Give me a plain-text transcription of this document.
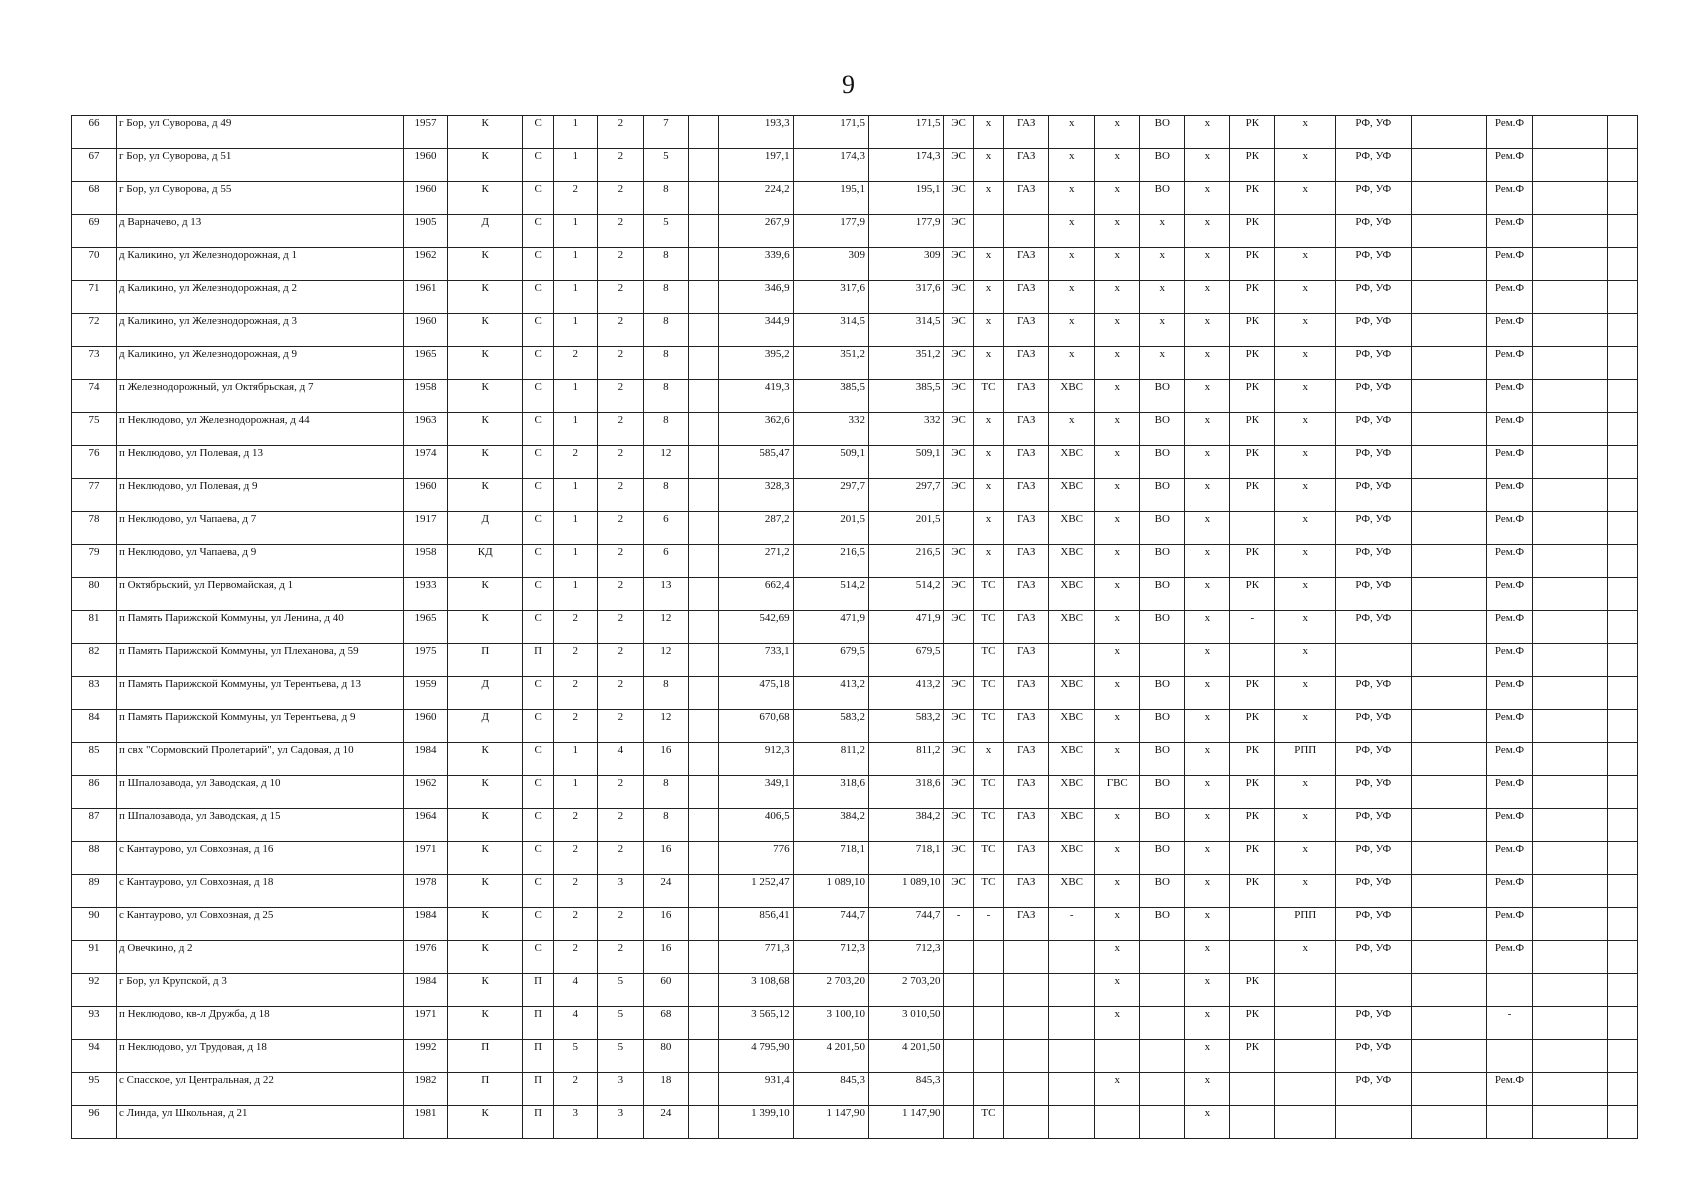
9
66	г Бор, ул Суворова, д 49	1957	К	С	1	2	7		193,3	171,5	171,5	ЭС	х	ГАЗ	х	х	ВО	х	РК	х	РФ, УФ		Рем.Ф		
67	г Бор, ул Суворова, д 51	1960	К	С	1	2	5		197,1	174,3	174,3	ЭС	х	ГАЗ	х	х	ВО	х	РК	х	РФ, УФ		Рем.Ф		
68	г Бор, ул Суворова, д 55	1960	К	С	2	2	8		224,2	195,1	195,1	ЭС	х	ГАЗ	х	х	ВО	х	РК	х	РФ, УФ		Рем.Ф		
69	д Варначево, д 13	1905	Д	С	1	2	5		267,9	177,9	177,9	ЭС			х	х	х	х	РК		РФ, УФ		Рем.Ф		
70	д Каликино, ул Железнодорожная, д 1	1962	К	С	1	2	8		339,6	309	309	ЭС	х	ГАЗ	х	х	х	х	РК	х	РФ, УФ		Рем.Ф		
71	д Каликино, ул Железнодорожная, д 2	1961	К	С	1	2	8		346,9	317,6	317,6	ЭС	х	ГАЗ	х	х	х	х	РК	х	РФ, УФ		Рем.Ф		
72	д Каликино, ул Железнодорожная, д 3	1960	К	С	1	2	8		344,9	314,5	314,5	ЭС	х	ГАЗ	х	х	х	х	РК	х	РФ, УФ		Рем.Ф		
73	д Каликино, ул Железнодорожная, д 9	1965	К	С	2	2	8		395,2	351,2	351,2	ЭС	х	ГАЗ	х	х	х	х	РК	х	РФ, УФ		Рем.Ф		
74	п Железнодорожный, ул Октябрьская, д 7	1958	К	С	1	2	8		419,3	385,5	385,5	ЭС	ТС	ГАЗ	ХВС	х	ВО	х	РК	х	РФ, УФ		Рем.Ф		
75	п Неклюдово, ул Железнодорожная, д 44	1963	К	С	1	2	8		362,6	332	332	ЭС	х	ГАЗ	х	х	ВО	х	РК	х	РФ, УФ		Рем.Ф		
76	п Неклюдово, ул Полевая, д 13	1974	К	С	2	2	12		585,47	509,1	509,1	ЭС	х	ГАЗ	ХВС	х	ВО	х	РК	х	РФ, УФ		Рем.Ф		
77	п Неклюдово, ул Полевая, д 9	1960	К	С	1	2	8		328,3	297,7	297,7	ЭС	х	ГАЗ	ХВС	х	ВО	х	РК	х	РФ, УФ		Рем.Ф		
78	п Неклюдово, ул Чапаева, д 7	1917	Д	С	1	2	6		287,2	201,5	201,5		х	ГАЗ	ХВС	х	ВО	х		х	РФ, УФ		Рем.Ф		
79	п Неклюдово, ул Чапаева, д 9	1958	КД	С	1	2	6		271,2	216,5	216,5	ЭС	х	ГАЗ	ХВС	х	ВО	х	РК	х	РФ, УФ		Рем.Ф		
80	п Октябрьский, ул Первомайская, д 1	1933	К	С	1	2	13		662,4	514,2	514,2	ЭС	ТС	ГАЗ	ХВС	х	ВО	х	РК	х	РФ, УФ		Рем.Ф		
81	п Память Парижской Коммуны, ул Ленина, д 40	1965	К	С	2	2	12		542,69	471,9	471,9	ЭС	ТС	ГАЗ	ХВС	х	ВО	х	-	х	РФ, УФ		Рем.Ф		
82	п Память Парижской Коммуны, ул Плеханова, д 59	1975	П	П	2	2	12		733,1	679,5	679,5		ТС	ГАЗ		х		х		х			Рем.Ф		
83	п Память Парижской Коммуны, ул Терентьева, д 13	1959	Д	С	2	2	8		475,18	413,2	413,2	ЭС	ТС	ГАЗ	ХВС	х	ВО	х	РК	х	РФ, УФ		Рем.Ф		
84	п Память Парижской Коммуны, ул Терентьева, д 9	1960	Д	С	2	2	12		670,68	583,2	583,2	ЭС	ТС	ГАЗ	ХВС	х	ВО	х	РК	х	РФ, УФ		Рем.Ф		
85	п свх "Сормовский Пролетарий", ул Садовая, д 10	1984	К	С	1	4	16		912,3	811,2	811,2	ЭС	х	ГАЗ	ХВС	х	ВО	х	РК	РПП	РФ, УФ		Рем.Ф		
86	п Шпалозавода, ул Заводская, д 10	1962	К	С	1	2	8		349,1	318,6	318,6	ЭС	ТС	ГАЗ	ХВС	ГВС	ВО	х	РК	х	РФ, УФ		Рем.Ф		
87	п Шпалозавода, ул Заводская, д 15	1964	К	С	2	2	8		406,5	384,2	384,2	ЭС	ТС	ГАЗ	ХВС	х	ВО	х	РК	х	РФ, УФ		Рем.Ф		
88	с Кантаурово, ул Совхозная, д 16	1971	К	С	2	2	16		776	718,1	718,1	ЭС	ТС	ГАЗ	ХВС	х	ВО	х	РК	х	РФ, УФ		Рем.Ф		
89	с Кантаурово, ул Совхозная, д 18	1978	К	С	2	3	24		1 252,47	1 089,10	1 089,10	ЭС	ТС	ГАЗ	ХВС	х	ВО	х	РК	х	РФ, УФ		Рем.Ф		
90	с Кантаурово, ул Совхозная, д 25	1984	К	С	2	2	16		856,41	744,7	744,7	-	-	ГАЗ	-	х	ВО	х		РПП	РФ, УФ		Рем.Ф		
91	д Овечкино, д 2	1976	К	С	2	2	16		771,3	712,3	712,3					х		х		х	РФ, УФ		Рем.Ф		
92	г Бор, ул Крупской, д 3	1984	К	П	4	5	60		3 108,68	2 703,20	2 703,20					х		х	РК						
93	п Неклюдово, кв-л Дружба, д 18	1971	К	П	4	5	68		3 565,12	3 100,10	3 010,50					х		х	РК		РФ, УФ		-		
94	п Неклюдово, ул Трудовая, д 18	1992	П	П	5	5	80		4 795,90	4 201,50	4 201,50							х	РК		РФ, УФ				
95	с Спасское, ул Центральная, д 22	1982	П	П	2	3	18		931,4	845,3	845,3					х		х			РФ, УФ		Рем.Ф		
96	с Линда, ул Школьная, д 21	1981	К	П	3	3	24		1 399,10	1 147,90	1 147,90		ТС					х							
